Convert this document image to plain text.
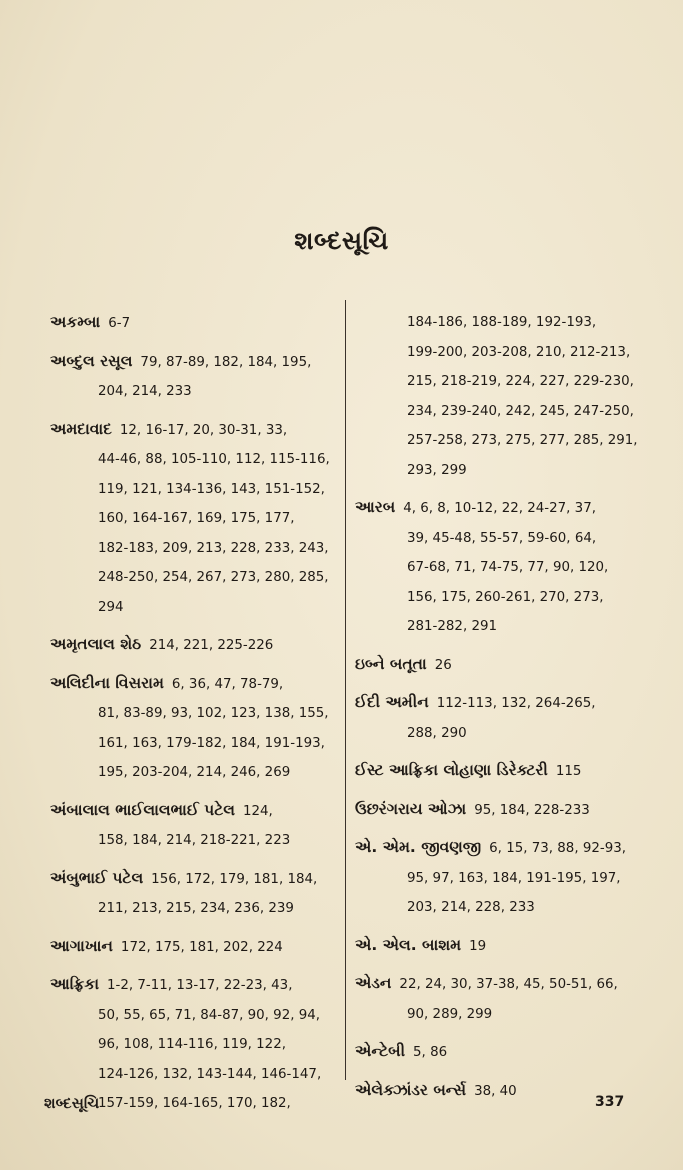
શબ્દસૂચિ
અકમ્બા 6-7
અબ્દુલ રસૂલ 79, 87-89, 182, 184, 195,
204, 214, 233
અમદાવાદ 12, 16-17, 20, 30-31, 33,
44-46, 88, 105-110, 112, 115-116,
119, 121, 134-136, 143, 151-152,
160, 164-167, 169, 175, 177,
182-183, 209, 213, 228, 233, 243,
248-250, 254, 267, 273, 280, 285,
294
અમૃતલાલ શેઠ 214, 221, 225-226
અલિદીના વિસરામ 6, 36, 47, 78-79,
81, 83-89, 93, 102, 123, 138, 155,
161, 163, 179-182, 184, 191-193,
195, 203-204, 214, 246, 269
અંબાલાલ ભાઈલાલભાઈ પટેલ 124,
158, 184, 214, 218-221, 223
અંબુભાઈ પટેલ 156, 172, 179, 181, 184,
211, 213, 215, 234, 236, 239
આગાખાન 172, 175, 181, 202, 224
આફ્રિકા 1-2, 7-11, 13-17, 22-23, 43,
50, 55, 65, 71, 84-87, 90, 92, 94,
96, 108, 114-116, 119, 122,
124-126, 132, 143-144, 146-147,
157-159, 164-165, 170, 182,
184-186, 188-189, 192-193,
199-200, 203-208, 210, 212-213,
215, 218-219, 224, 227, 229-230,
234, 239-240, 242, 245, 247-250,
257-258, 273, 275, 277, 285, 291,
293, 299
આરબ 4, 6, 8, 10-12, 22, 24-27, 37,
39, 45-48, 55-57, 59-60, 64,
67-68, 71, 74-75, 77, 90, 120,
156, 175, 260-261, 270, 273,
281-282, 291
ઇબ્ને બતૂતા 26
ઈદી અમીન 112-113, 132, 264-265,
288, 290
ઈસ્ટ આફ્રિકા લોહાણા ડિરેક્ટરી 115
ઉછરંગરાય ઓઝા 95, 184, 228-233
એ. એમ. જીવણજી 6, 15, 73, 88, 92-93,
95, 97, 163, 184, 191-195, 197,
203, 214, 228, 233
એ. એલ. બાશમ 19
એડન 22, 24, 30, 37-38, 45, 50-51, 66,
90, 289, 299
એન્ટેબી 5, 86
એલેક્ઝાંડર બર્ન્સ 38, 40
શબ્દસૂચિ	337
